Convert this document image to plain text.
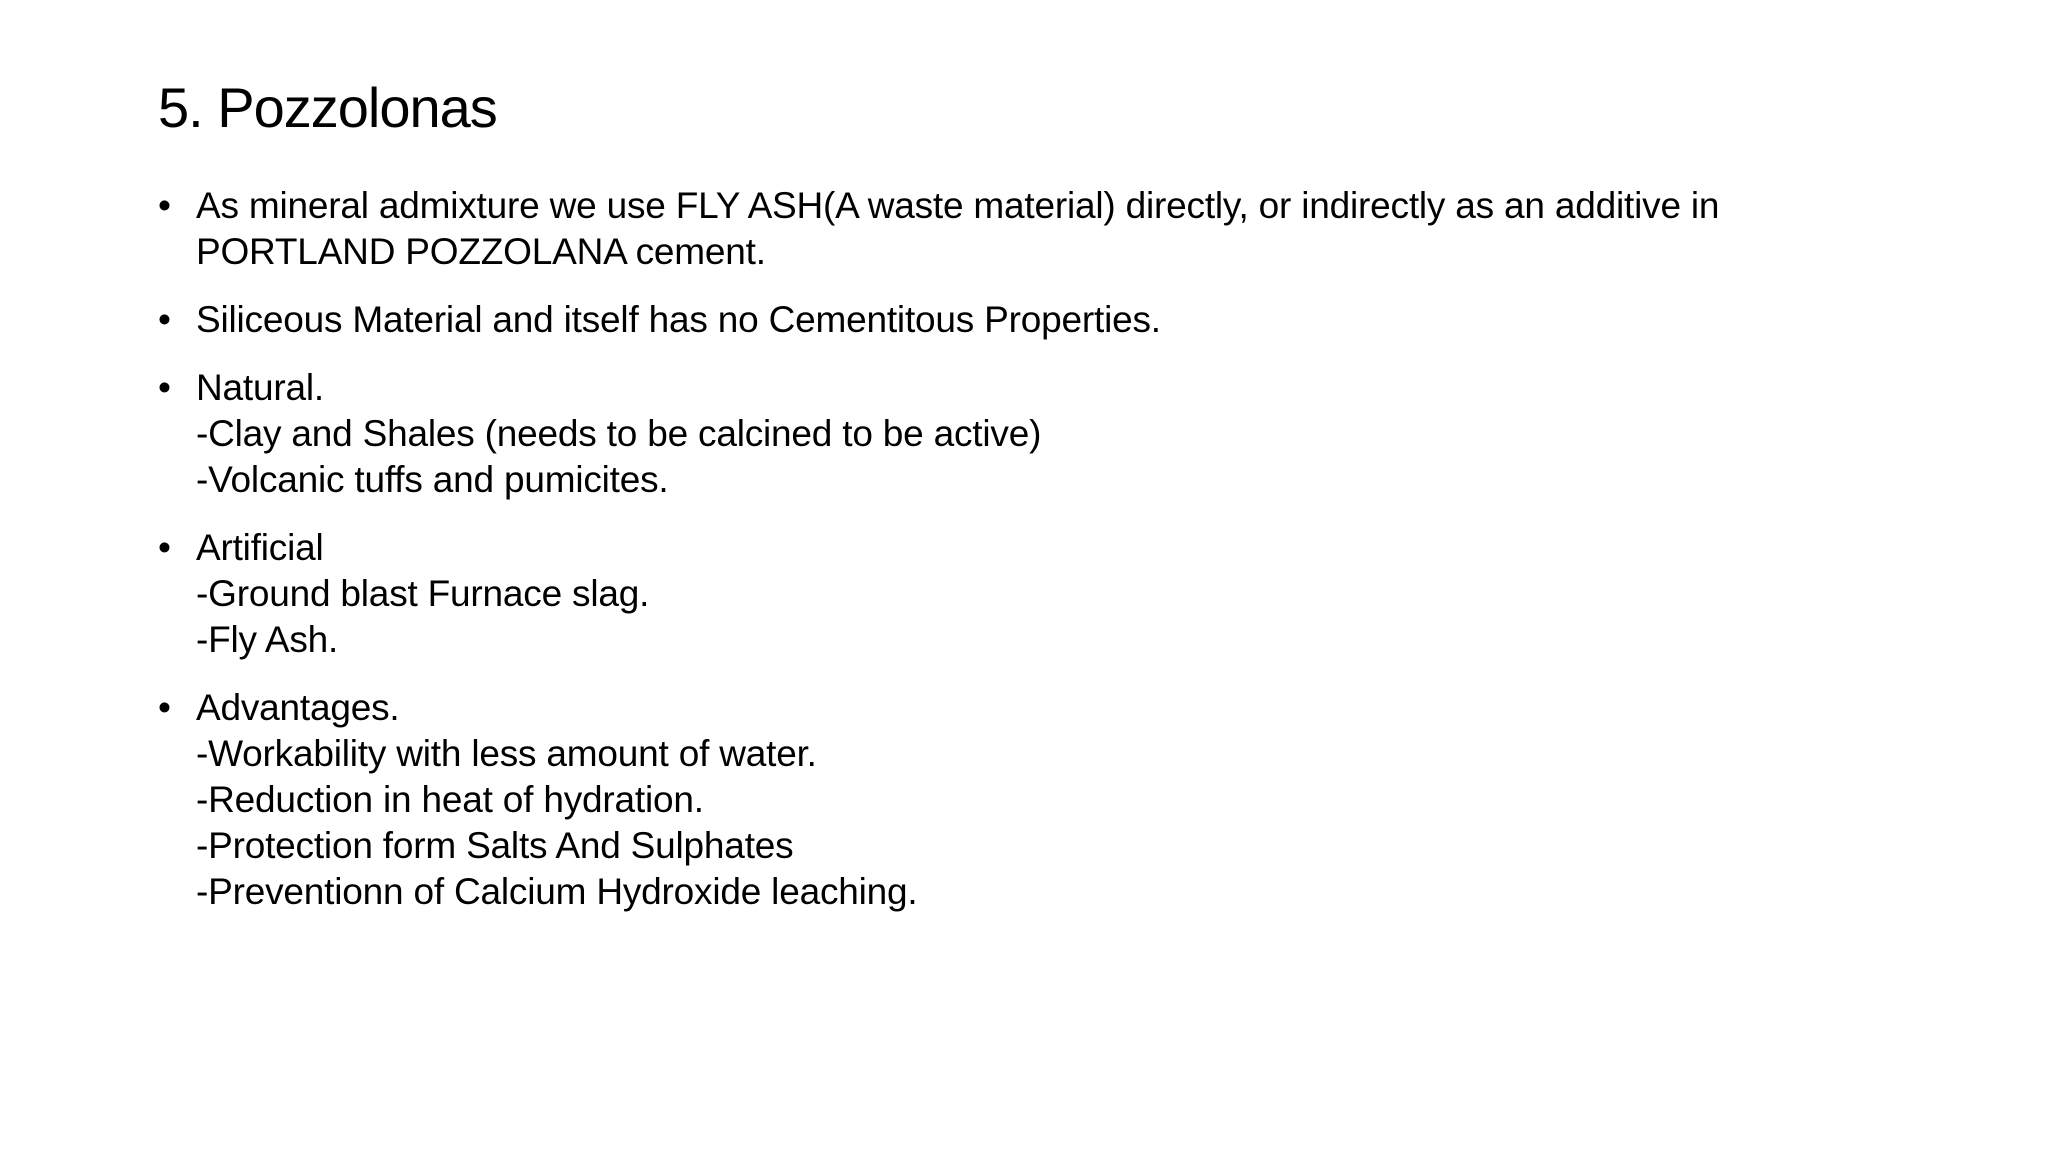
5. Pozzolonas
• As mineral admixture we use FLY ASH(A waste material) directly, or indirectly as an additive in
PORTLAND POZZOLANA cement.
• Siliceous Material and itself has no Cementitous Properties.
• Natural.
-Clay and Shales (needs to be calcined to be active)
-Volcanic tuffs and pumicites.
• Artificial
-Ground blast Furnace slag.
-Fly Ash.
• Advantages.
-Workability with less amount of water.
-Reduction in heat of hydration.
-Protection form Salts And Sulphates
-Preventionn of Calcium Hydroxide leaching.
